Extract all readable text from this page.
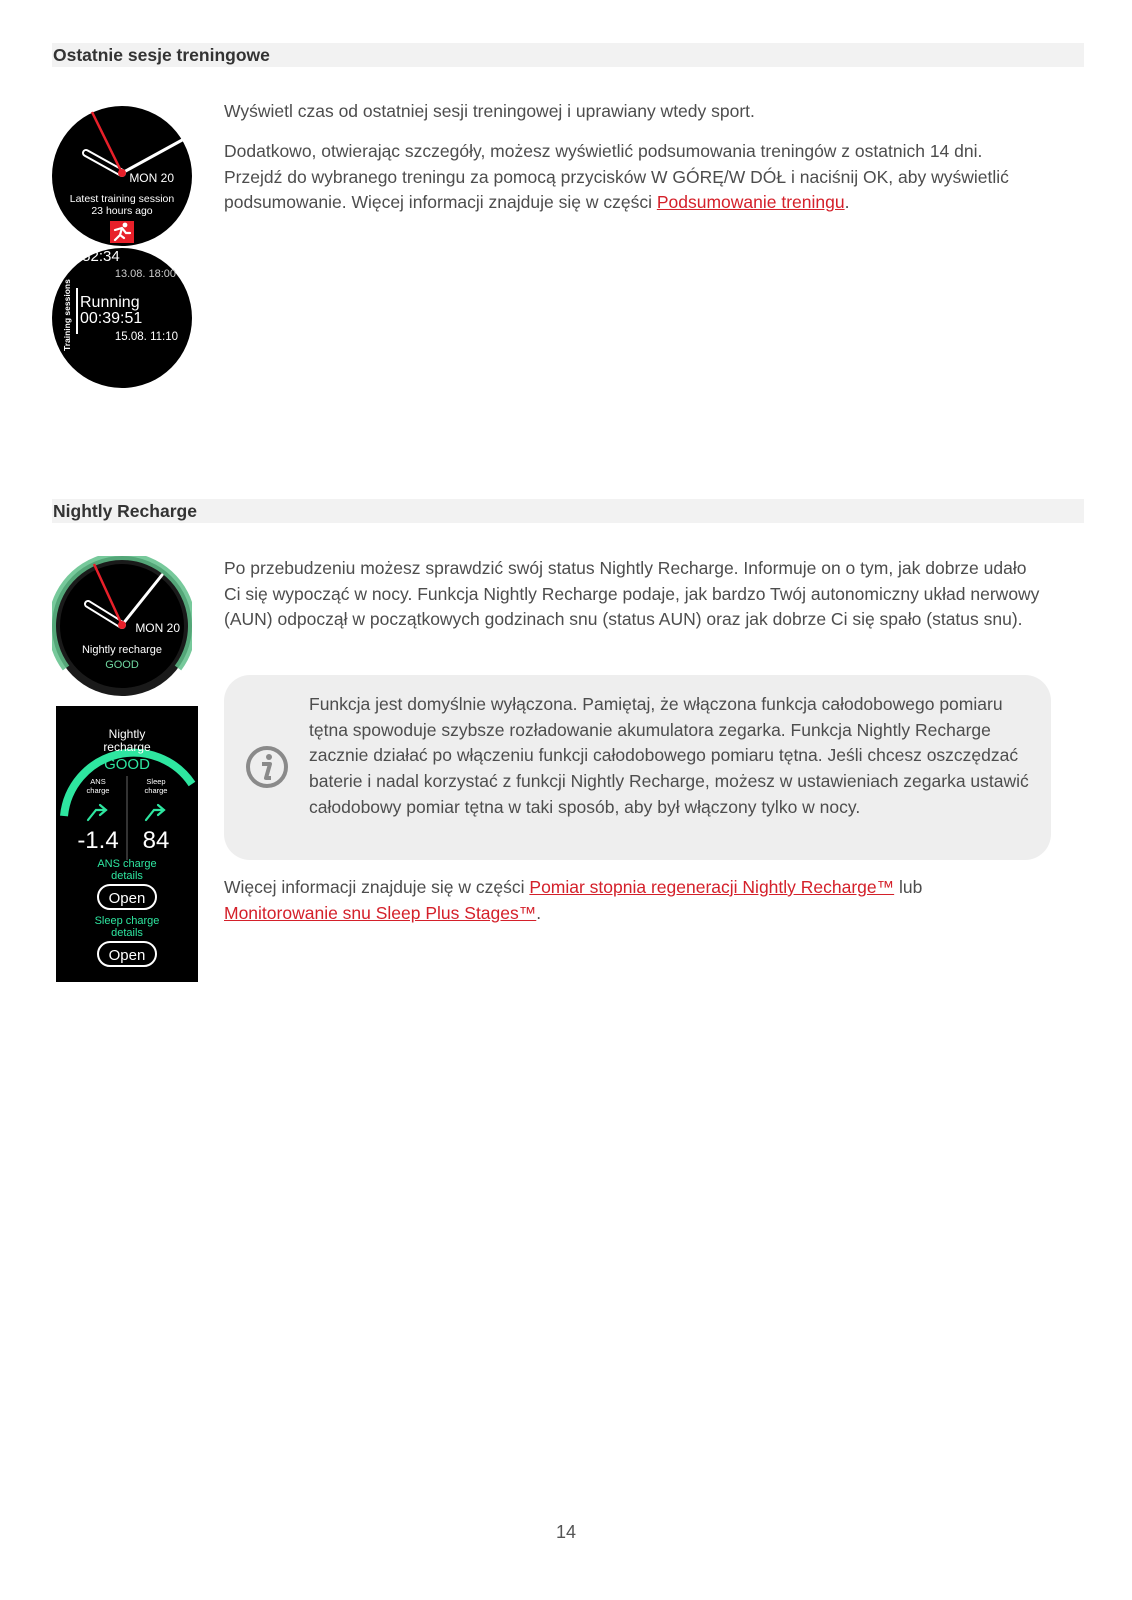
Ostatnie sesje treningowe
MON 20
Latest training session
23 hours ago
:52:34
13.08. 18:00
Training sessions Running
00:39:51
15.08. 11:10

Wyświetl czas od ostatniej sesji treningowej i uprawiany wtedy sport.

Dodatkowo, otwierając szczegóły, możesz wyświetlić podsumowania treningów z ostatnich 14 dni. Przejdź do wybranego treningu za pomocą przycisków W GÓRĘ/W DÓŁ i naciśnij OK, aby wyświetlić podsumowanie. Więcej informacji znajduje się w części Podsumowanie treningu.

Nightly Recharge
MON 20
Nightly recharge
GOOD
Nightly
recharge
GOOD
ANS
charge
Sleep
charge
-1.4 84
ANS charge
details
Open
Sleep charge
details
Open

Po przebudzeniu możesz sprawdzić swój status Nightly Recharge. Informuje on o tym, jak dobrze udało Ci się wypocząć w nocy. Funkcja Nightly Recharge podaje, jak bardzo Twój autonomiczny układ nerwowy (AUN) odpoczął w początkowych godzinach snu (status AUN) oraz jak dobrze Ci się spało (status snu).

Funkcja jest domyślnie wyłączona. Pamiętaj, że włączona funkcja całodobowego pomiaru tętna spowoduje szybsze rozładowanie akumulatora zegarka. Funkcja Nightly Recharge zacznie działać po włączeniu funkcji całodobowego pomiaru tętna. Jeśli chcesz oszczędzać baterie i nadal korzystać z funkcji Nightly Recharge, możesz w ustawieniach zegarka ustawić całodobowy pomiar tętna w taki sposób, aby był włączony tylko w nocy.

Więcej informacji znajduje się w części Pomiar stopnia regeneracji Nightly Recharge™ lub Monitorowanie snu Sleep Plus Stages™.

14
